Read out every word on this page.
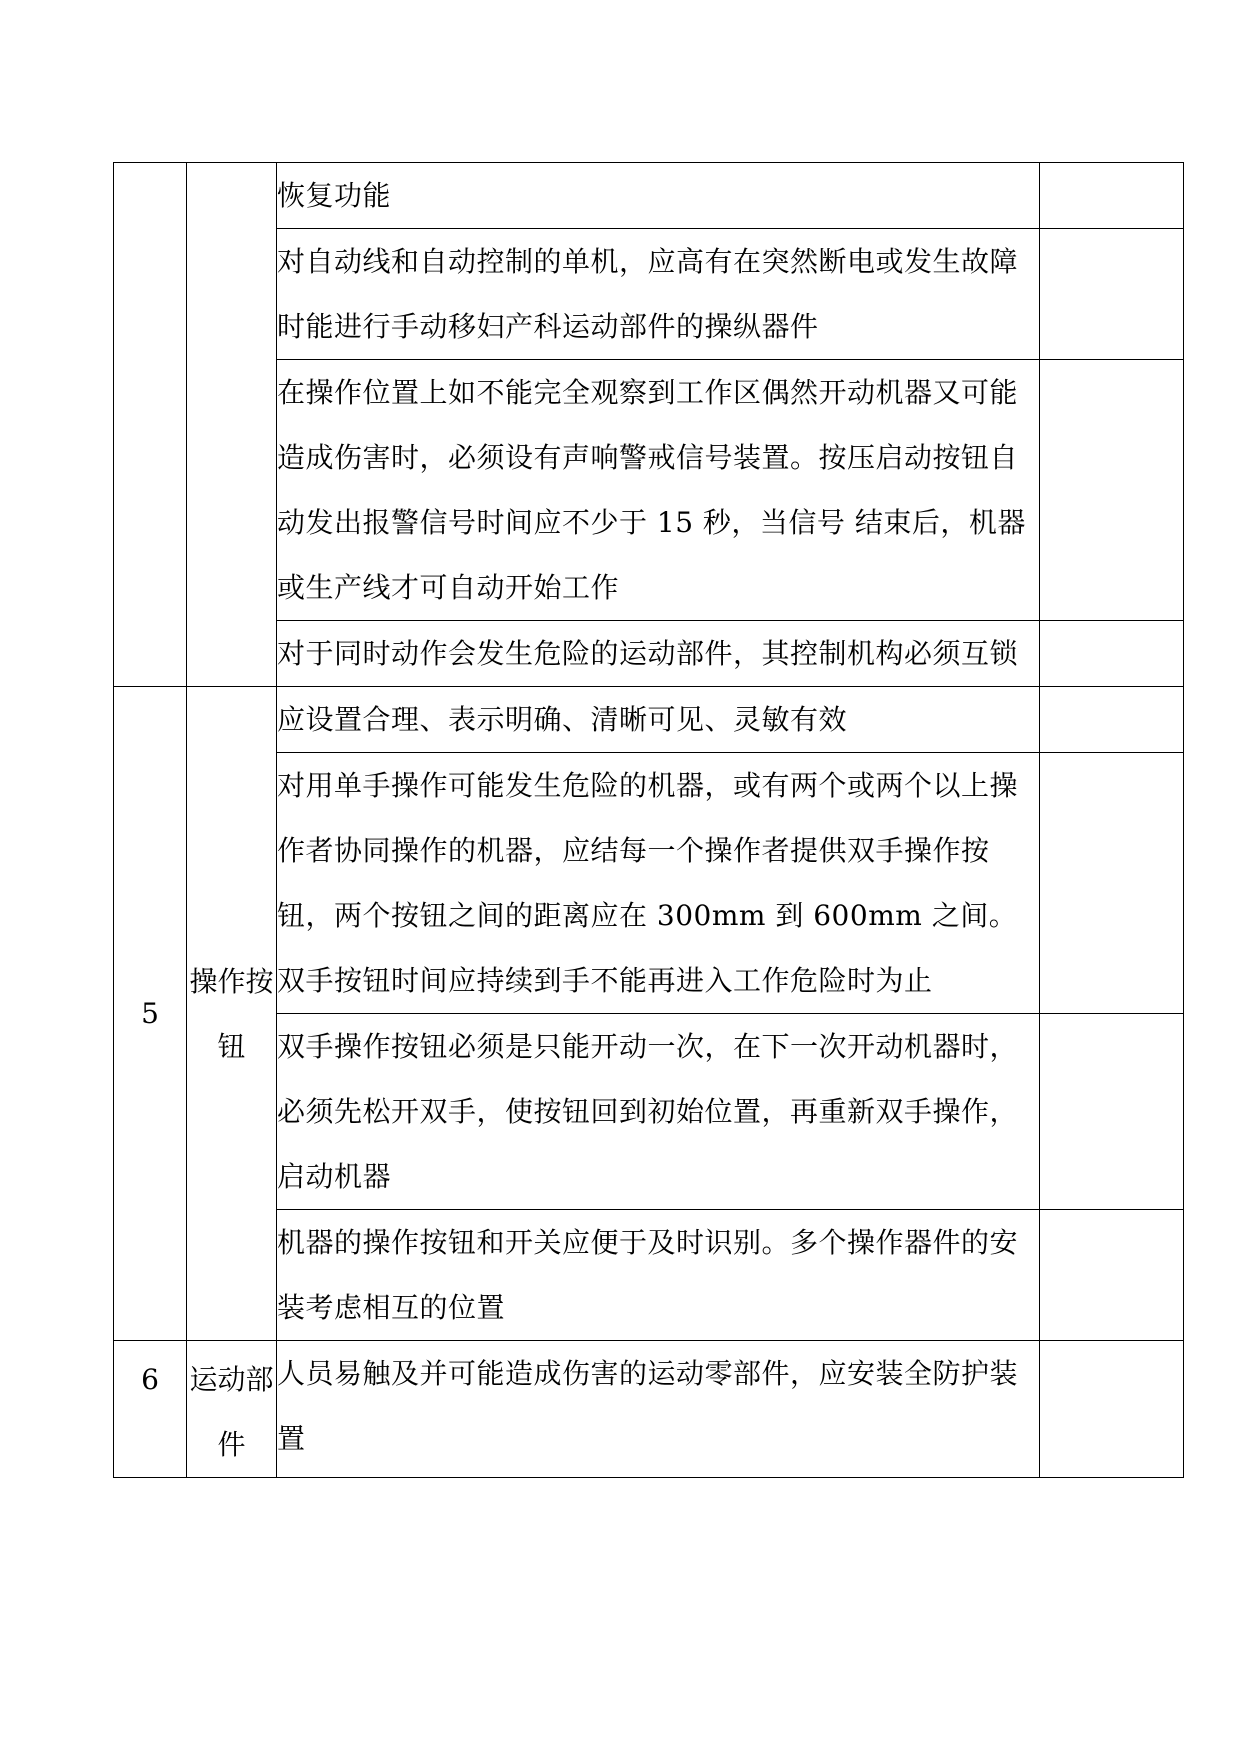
		恢复功能	
		对自动线和自动控制的单机，应高有在突然断电或发生故障时能进行手动移妇产科运动部件的操纵器件	
		在操作位置上如不能完全观察到工作区偶然开动机器又可能造成伤害时，必须设有声响警戒信号装置。按压启动按钮自动发出报警信号时间应不少于 15 秒，当信号 结束后，机器或生产线才可自动开始工作	
		对于同时动作会发生危险的运动部件，其控制机构必须互锁	
5	操作按钮	应设置合理、表示明确、清晰可见、灵敏有效	
		对用单手操作可能发生危险的机器，或有两个或两个以上操作者协同操作的机器，应结每一个操作者提供双手操作按钮，两个按钮之间的距离应在 300mm 到 600mm 之间。双手按钮时间应持续到手不能再进入工作危险时为止	
		双手操作按钮必须是只能开动一次，在下一次开动机器时，必须先松开双手，使按钮回到初始位置，再重新双手操作，启动机器	
		机器的操作按钮和开关应便于及时识别。多个操作器件的安装考虑相互的位置	
6	运动部件	人员易触及并可能造成伤害的运动零部件，应安装全防护装置	
